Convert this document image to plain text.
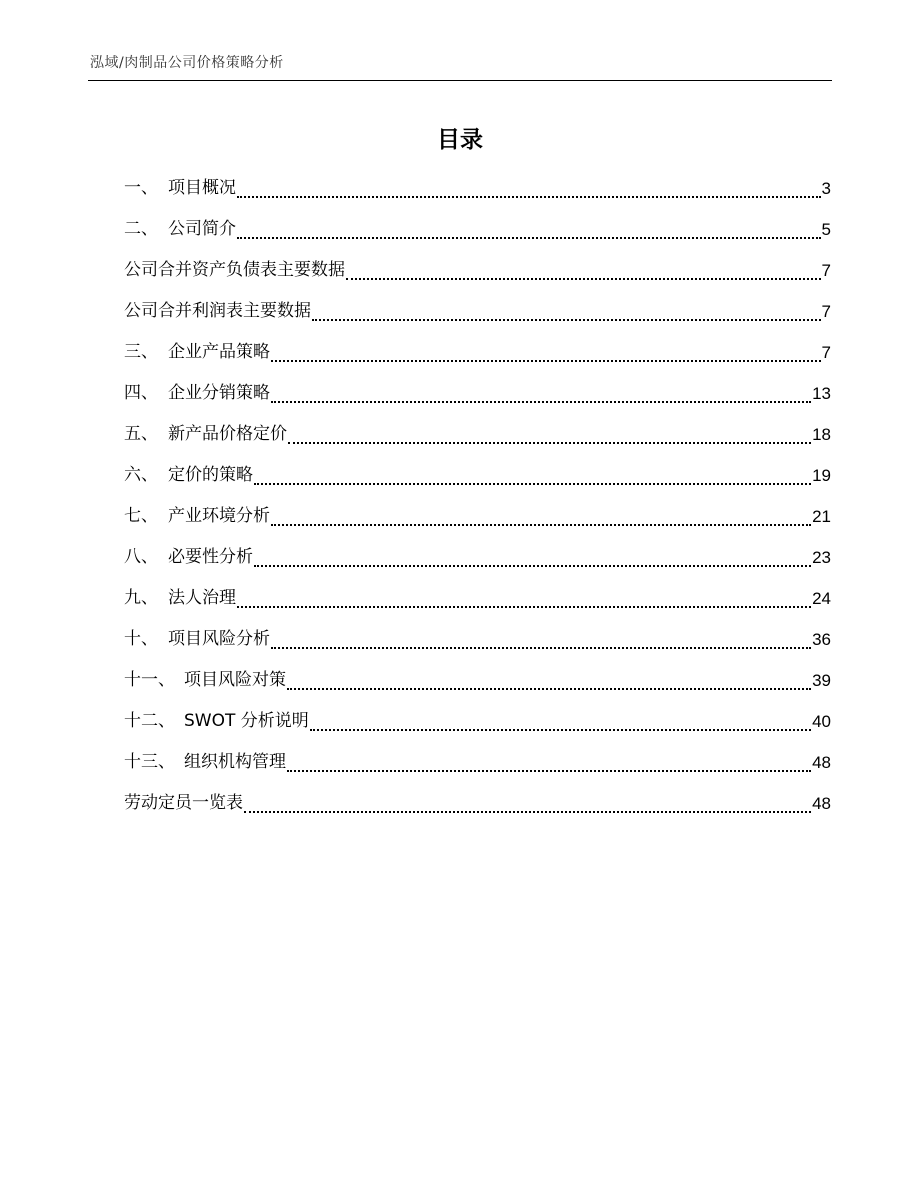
泓域/肉制品公司价格策略分析
目录
一、 项目概况	3
二、 公司简介	5
公司合并资产负债表主要数据	7
公司合并利润表主要数据	7
三、 企业产品策略	7
四、 企业分销策略	13
五、 新产品价格定价	18
六、 定价的策略	19
七、 产业环境分析	21
八、 必要性分析	23
九、 法人治理	24
十、 项目风险分析	36
十一、 项目风险对策	39
十二、 SWOT 分析说明	40
十三、 组织机构管理	48
劳动定员一览表	48
